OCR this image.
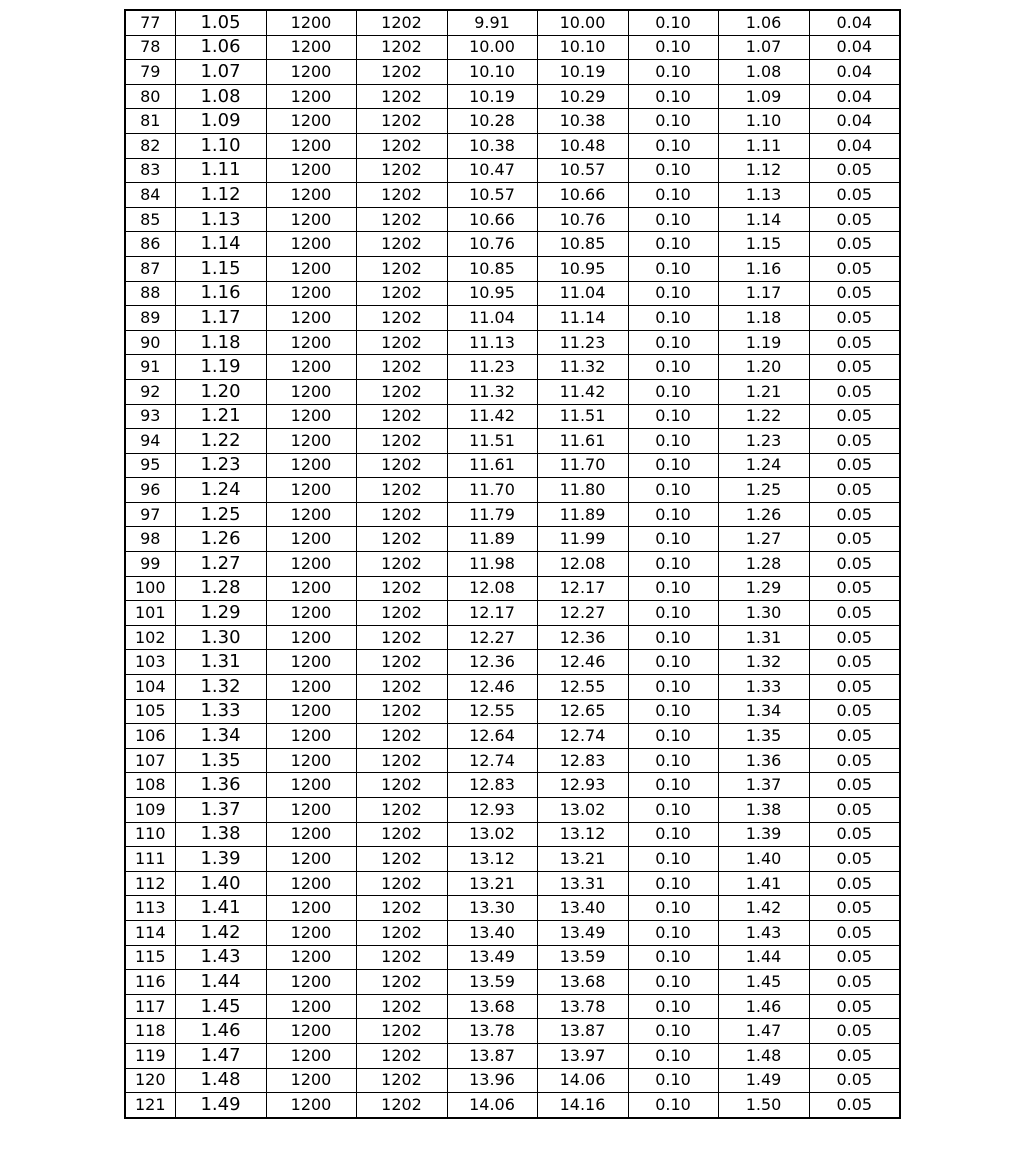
77	1.05	1200	1202	9.91	10.00	0.10	1.06	0.04
78	1.06	1200	1202	10.00	10.10	0.10	1.07	0.04
79	1.07	1200	1202	10.10	10.19	0.10	1.08	0.04
80	1.08	1200	1202	10.19	10.29	0.10	1.09	0.04
81	1.09	1200	1202	10.28	10.38	0.10	1.10	0.04
82	1.10	1200	1202	10.38	10.48	0.10	1.11	0.04
83	1.11	1200	1202	10.47	10.57	0.10	1.12	0.05
84	1.12	1200	1202	10.57	10.66	0.10	1.13	0.05
85	1.13	1200	1202	10.66	10.76	0.10	1.14	0.05
86	1.14	1200	1202	10.76	10.85	0.10	1.15	0.05
87	1.15	1200	1202	10.85	10.95	0.10	1.16	0.05
88	1.16	1200	1202	10.95	11.04	0.10	1.17	0.05
89	1.17	1200	1202	11.04	11.14	0.10	1.18	0.05
90	1.18	1200	1202	11.13	11.23	0.10	1.19	0.05
91	1.19	1200	1202	11.23	11.32	0.10	1.20	0.05
92	1.20	1200	1202	11.32	11.42	0.10	1.21	0.05
93	1.21	1200	1202	11.42	11.51	0.10	1.22	0.05
94	1.22	1200	1202	11.51	11.61	0.10	1.23	0.05
95	1.23	1200	1202	11.61	11.70	0.10	1.24	0.05
96	1.24	1200	1202	11.70	11.80	0.10	1.25	0.05
97	1.25	1200	1202	11.79	11.89	0.10	1.26	0.05
98	1.26	1200	1202	11.89	11.99	0.10	1.27	0.05
99	1.27	1200	1202	11.98	12.08	0.10	1.28	0.05
100	1.28	1200	1202	12.08	12.17	0.10	1.29	0.05
101	1.29	1200	1202	12.17	12.27	0.10	1.30	0.05
102	1.30	1200	1202	12.27	12.36	0.10	1.31	0.05
103	1.31	1200	1202	12.36	12.46	0.10	1.32	0.05
104	1.32	1200	1202	12.46	12.55	0.10	1.33	0.05
105	1.33	1200	1202	12.55	12.65	0.10	1.34	0.05
106	1.34	1200	1202	12.64	12.74	0.10	1.35	0.05
107	1.35	1200	1202	12.74	12.83	0.10	1.36	0.05
108	1.36	1200	1202	12.83	12.93	0.10	1.37	0.05
109	1.37	1200	1202	12.93	13.02	0.10	1.38	0.05
110	1.38	1200	1202	13.02	13.12	0.10	1.39	0.05
111	1.39	1200	1202	13.12	13.21	0.10	1.40	0.05
112	1.40	1200	1202	13.21	13.31	0.10	1.41	0.05
113	1.41	1200	1202	13.30	13.40	0.10	1.42	0.05
114	1.42	1200	1202	13.40	13.49	0.10	1.43	0.05
115	1.43	1200	1202	13.49	13.59	0.10	1.44	0.05
116	1.44	1200	1202	13.59	13.68	0.10	1.45	0.05
117	1.45	1200	1202	13.68	13.78	0.10	1.46	0.05
118	1.46	1200	1202	13.78	13.87	0.10	1.47	0.05
119	1.47	1200	1202	13.87	13.97	0.10	1.48	0.05
120	1.48	1200	1202	13.96	14.06	0.10	1.49	0.05
121	1.49	1200	1202	14.06	14.16	0.10	1.50	0.05
